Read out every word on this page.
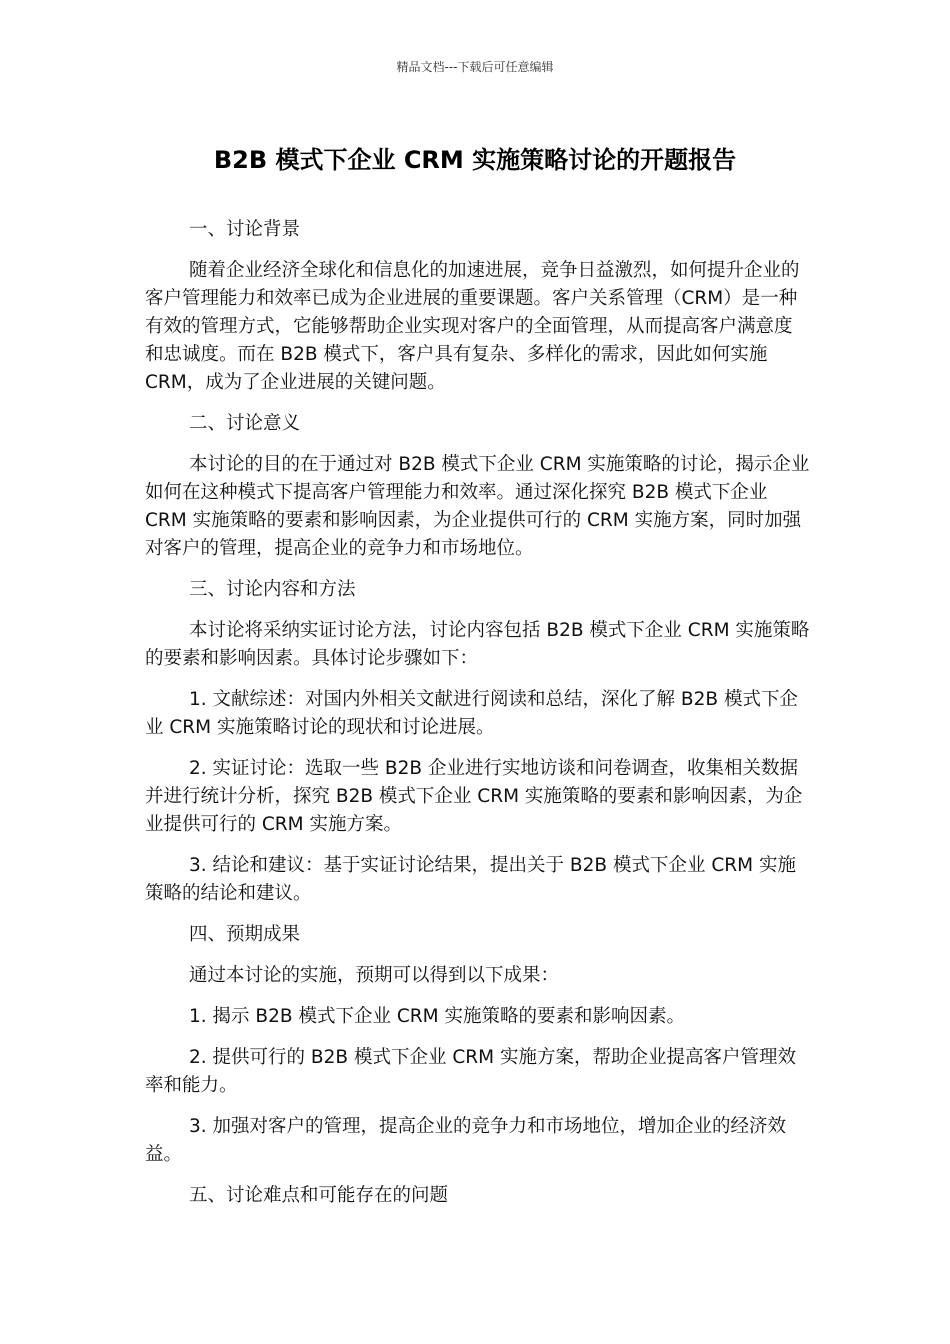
精品文档---下载后可任意编辑
B2B 模式下企业 CRM 实施策略讨论的开题报告

一、讨论背景

随着企业经济全球化和信息化的加速进展，竞争日益激烈，如何提升企业的客户管理能力和效率已成为企业进展的重要课题。客户关系管理（CRM）是一种有效的管理方式，它能够帮助企业实现对客户的全面管理，从而提高客户满意度和忠诚度。而在 B2B 模式下，客户具有复杂、多样化的需求，因此如何实施 CRM，成为了企业进展的关键问题。

二、讨论意义

本讨论的目的在于通过对 B2B 模式下企业 CRM 实施策略的讨论，揭示企业如何在这种模式下提高客户管理能力和效率。通过深化探究 B2B 模式下企业 CRM 实施策略的要素和影响因素，为企业提供可行的 CRM 实施方案，同时加强对客户的管理，提高企业的竞争力和市场地位。

三、讨论内容和方法

本讨论将采纳实证讨论方法，讨论内容包括 B2B 模式下企业 CRM 实施策略的要素和影响因素。具体讨论步骤如下：

1. 文献综述：对国内外相关文献进行阅读和总结，深化了解 B2B 模式下企业 CRM 实施策略讨论的现状和讨论进展。

2. 实证讨论：选取一些 B2B 企业进行实地访谈和问卷调查，收集相关数据并进行统计分析，探究 B2B 模式下企业 CRM 实施策略的要素和影响因素，为企业提供可行的 CRM 实施方案。

3. 结论和建议：基于实证讨论结果，提出关于 B2B 模式下企业 CRM 实施策略的结论和建议。

四、预期成果

通过本讨论的实施，预期可以得到以下成果：

1. 揭示 B2B 模式下企业 CRM 实施策略的要素和影响因素。

2. 提供可行的 B2B 模式下企业 CRM 实施方案，帮助企业提高客户管理效率和能力。

3. 加强对客户的管理，提高企业的竞争力和市场地位，增加企业的经济效益。

五、讨论难点和可能存在的问题
